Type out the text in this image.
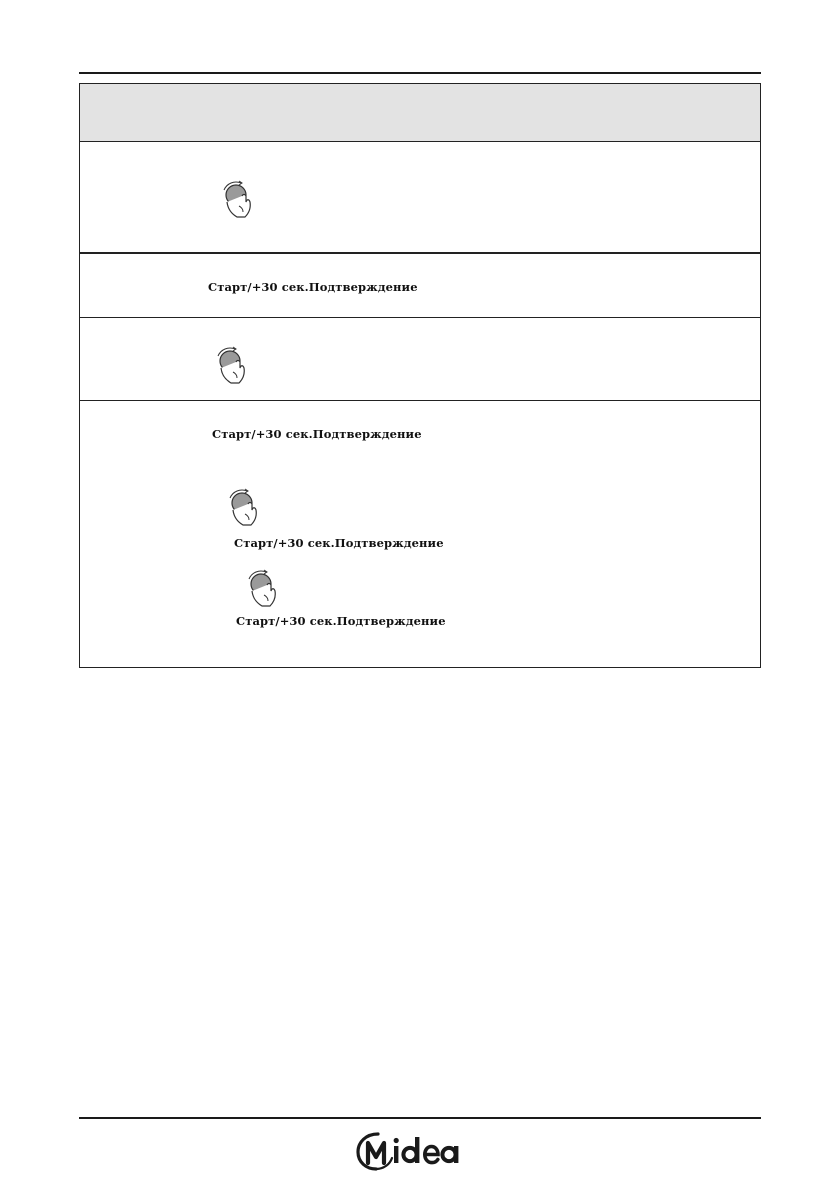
Старт/+30 сек.Подтверждение
Старт/+30 сек.Подтверждение
Старт/+30 сек.Подтверждение
Старт/+30 сек.Подтверждение
